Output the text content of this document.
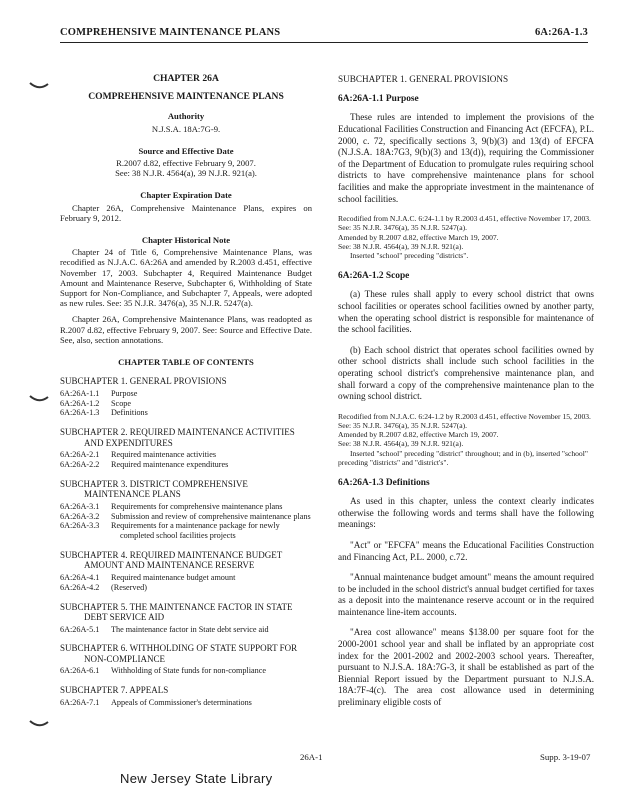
COMPREHENSIVE MAINTENANCE PLANS	6A:26A-1.3
CHAPTER 26A
COMPREHENSIVE MAINTENANCE PLANS
Authority
N.J.S.A. 18A:7G-9.
Source and Effective Date
R.2007 d.82, effective February 9, 2007.
See: 38 N.J.R. 4564(a), 39 N.J.R. 921(a).
Chapter Expiration Date
Chapter 26A, Comprehensive Maintenance Plans, expires on February 9, 2012.
Chapter Historical Note
Chapter 24 of Title 6, Comprehensive Maintenance Plans, was recodified as N.J.A.C. 6A:26A and amended by R.2003 d.451, effective November 17, 2003. Subchapter 4, Required Maintenance Budget Amount and Maintenance Reserve, Subchapter 6, Withholding of State Support for Non-Compliance, and Subchapter 7, Appeals, were adopted as new rules. See: 35 N.J.R. 3476(a), 35 N.J.R. 5247(a).
Chapter 26A, Comprehensive Maintenance Plans, was readopted as R.2007 d.82, effective February 9, 2007. See: Source and Effective Date. See, also, section annotations.
CHAPTER TABLE OF CONTENTS
SUBCHAPTER 1. GENERAL PROVISIONS
6A:26A-1.1	Purpose
6A:26A-1.2	Scope
6A:26A-1.3	Definitions
SUBCHAPTER 2. REQUIRED MAINTENANCE ACTIVITIES AND EXPENDITURES
6A:26A-2.1	Required maintenance activities
6A:26A-2.2	Required maintenance expenditures
SUBCHAPTER 3. DISTRICT COMPREHENSIVE MAINTENANCE PLANS
6A:26A-3.1	Requirements for comprehensive maintenance plans
6A:26A-3.2	Submission and review of comprehensive maintenance plans
6A:26A-3.3	Requirements for a maintenance package for newly completed school facilities projects
SUBCHAPTER 4. REQUIRED MAINTENANCE BUDGET AMOUNT AND MAINTENANCE RESERVE
6A:26A-4.1	Required maintenance budget amount
6A:26A-4.2	(Reserved)
SUBCHAPTER 5. THE MAINTENANCE FACTOR IN STATE DEBT SERVICE AID
6A:26A-5.1	The maintenance factor in State debt service aid
SUBCHAPTER 6. WITHHOLDING OF STATE SUPPORT FOR NON-COMPLIANCE
6A:26A-6.1	Withholding of State funds for non-compliance
SUBCHAPTER 7. APPEALS
6A:26A-7.1	Appeals of Commissioner's determinations
SUBCHAPTER 1. GENERAL PROVISIONS
6A:26A-1.1 Purpose
These rules are intended to implement the provisions of the Educational Facilities Construction and Financing Act (EFCFA), P.L. 2000, c. 72, specifically sections 3, 9(b)(3) and 13(d) of EFCFA (N.J.S.A. 18A:7G3, 9(b)(3) and 13(d)), requiring the Commissioner of the Department of Education to promulgate rules requiring school districts to have comprehensive maintenance plans for school facilities and make the appropriate investment in the maintenance of school facilities.
Recodified from N.J.A.C. 6:24-1.1 by R.2003 d.451, effective November 17, 2003.
See: 35 N.J.R. 3476(a), 35 N.J.R. 5247(a).
Amended by R.2007 d.82, effective March 19, 2007.
See: 38 N.J.R. 4564(a), 39 N.J.R. 921(a).
Inserted "school" preceding "districts".
6A:26A-1.2 Scope
(a) These rules shall apply to every school district that owns school facilities or operates school facilities owned by another party, when the operating school district is responsible for maintenance of the school facilities.
(b) Each school district that operates school facilities owned by other school districts shall include such school facilities in the operating school district's comprehensive maintenance plan, and shall forward a copy of the comprehensive maintenance plan to the owning school district.
Recodified from N.J.A.C. 6:24-1.2 by R.2003 d.451, effective November 15, 2003.
See: 35 N.J.R. 3476(a), 35 N.J.R. 5247(a).
Amended by R.2007 d.82, effective March 19, 2007.
See: 38 N.J.R. 4564(a), 39 N.J.R. 921(a).
Inserted "school" preceding "district" throughout; and in (b), inserted "school" preceding "districts" and "district's".
6A:26A-1.3 Definitions
As used in this chapter, unless the context clearly indicates otherwise the following words and terms shall have the following meanings:
"Act" or "EFCFA" means the Educational Facilities Construction and Financing Act, P.L. 2000, c.72.
"Annual maintenance budget amount" means the amount required to be included in the school district's annual budget certified for taxes as a deposit into the maintenance reserve account or in the required maintenance line-item accounts.
"Area cost allowance" means $138.00 per square foot for the 2000-2001 school year and shall be inflated by an appropriate cost index for the 2001-2002 and 2002-2003 school years. Thereafter, pursuant to N.J.S.A. 18A:7G-3, it shall be established as part of the Biennial Report issued by the Department pursuant to N.J.S.A. 18A:7F-4(c). The area cost allowance used in determining preliminary eligible costs of
26A-1	Supp. 3-19-07
New Jersey State Library
